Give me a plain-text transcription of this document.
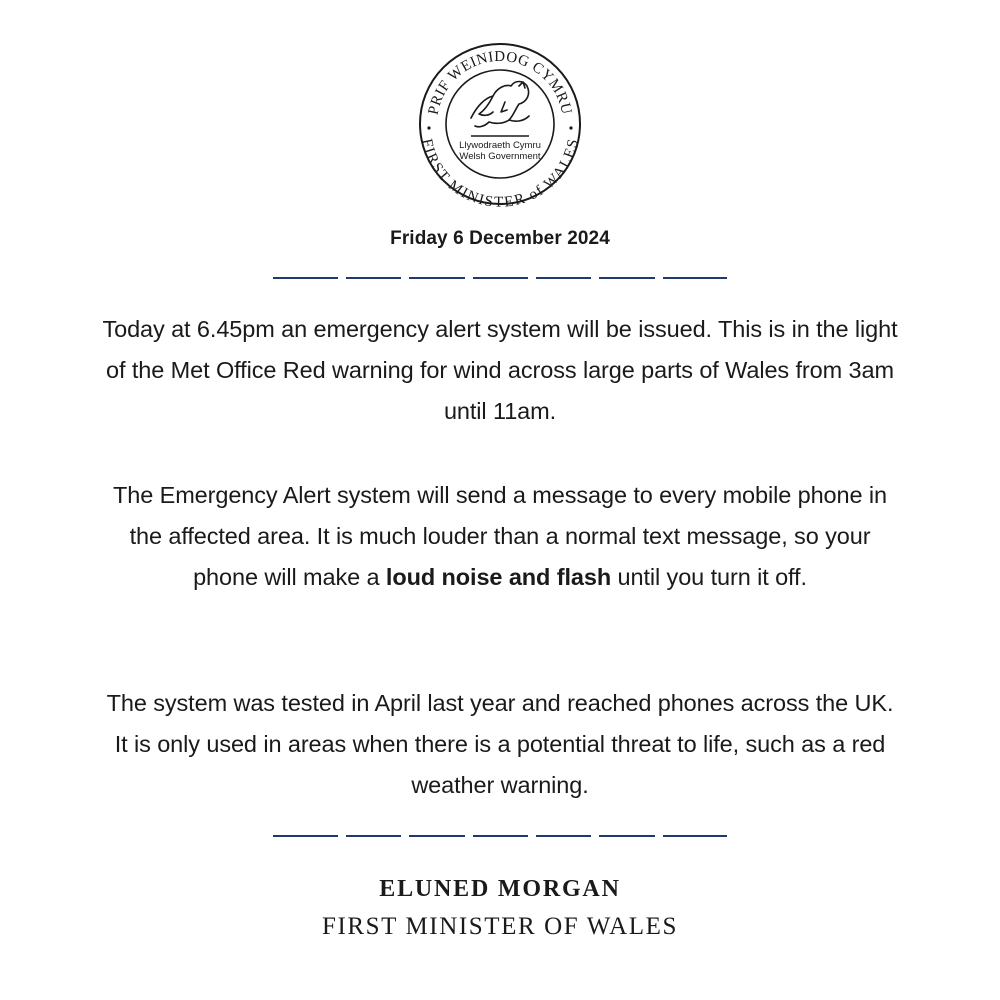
PRIF WEINIDOG CYMRU
FIRST MINISTER of WALES
Llywodraeth Cymru
Welsh Government
Friday 6 December 2024
Today at 6.45pm an emergency alert system will be issued. This is in the light of the Met Office Red warning for wind across large parts of Wales from 3am until 11am.
The Emergency Alert system will send a message to every mobile phone in the affected area. It is much louder than a normal text message, so your phone will make a loud noise and flash until you turn it off.
The system was tested in April last year and reached phones across the UK. It is only used in areas when there is a potential threat to life, such as a red weather warning.
ELUNED MORGAN
FIRST MINISTER OF WALES
